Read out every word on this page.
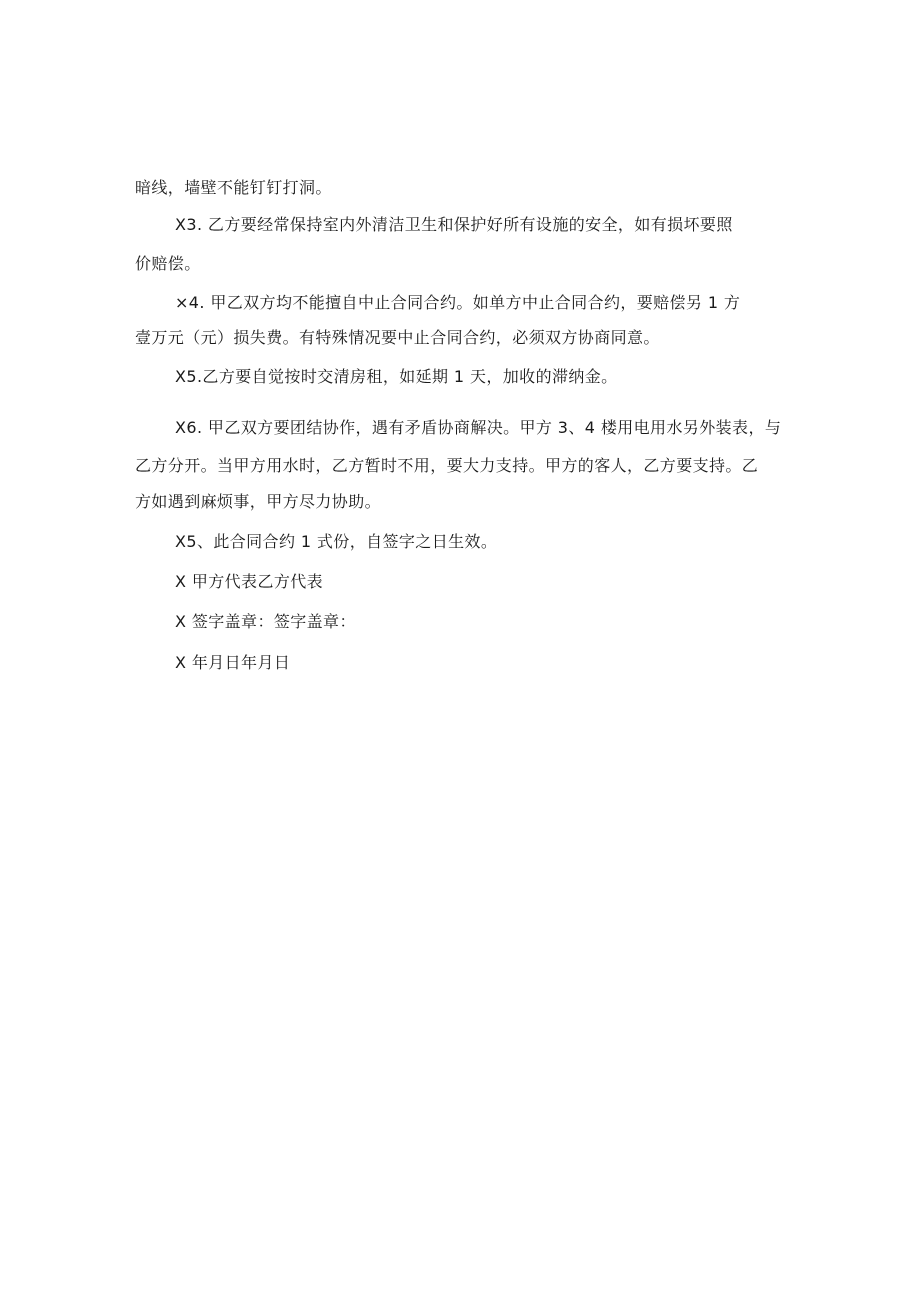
暗线，墙壁不能钉钉打洞。
X3. 乙方要经常保持室内外清洁卫生和保护好所有设施的安全，如有损坏要照
价赔偿。
×4. 甲乙双方均不能擅自中止合同合约。如单方中止合同合约，要赔偿另 1 方
壹万元（元）损失费。有特殊情况要中止合同合约，必须双方协商同意。
X5.乙方要自觉按时交清房租，如延期 1 天，加收的滞纳金。
X6. 甲乙双方要团结协作，遇有矛盾协商解决。甲方 3、4 楼用电用水另外装表，与
乙方分开。当甲方用水时，乙方暂时不用，要大力支持。甲方的客人，乙方要支持。乙
方如遇到麻烦事，甲方尽力协助。
X5、此合同合约 1 式份，自签字之日生效。
X 甲方代表乙方代表
X 签字盖章：签字盖章：
X 年月日年月日
